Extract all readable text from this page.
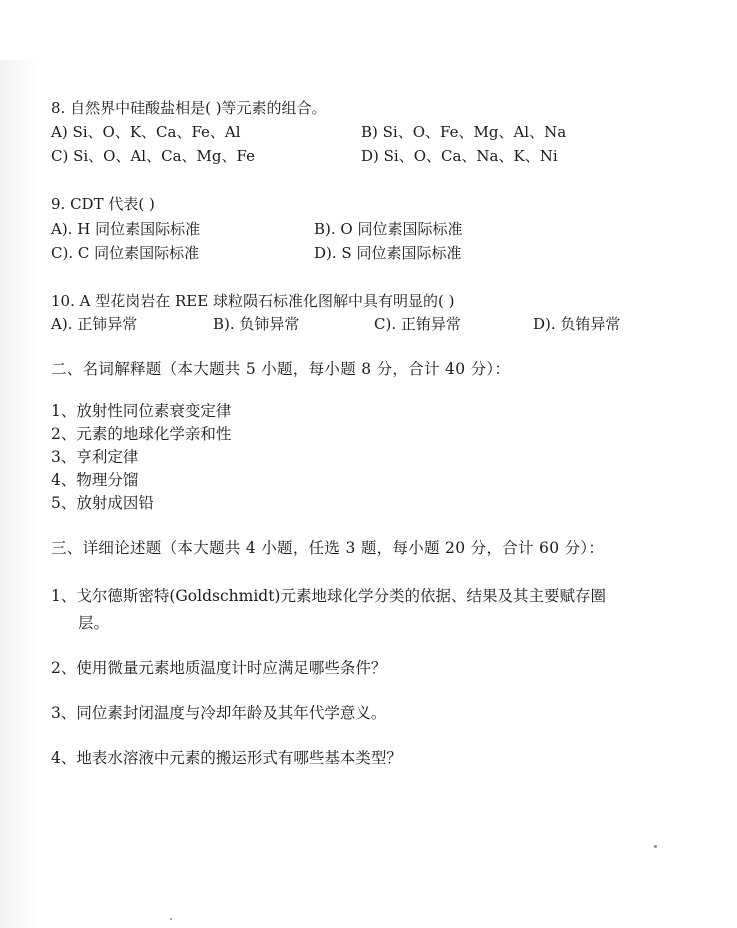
8. 自然界中硅酸盐相是( )等元素的组合。
A) Si、O、K、Ca、Fe、Al	B) Si、O、Fe、Mg、Al、Na
C) Si、O、Al、Ca、Mg、Fe	D) Si、O、Ca、Na、K、Ni
9. CDT 代表( )
A). H 同位素国际标准	B). O 同位素国际标准
C). C 同位素国际标准	D). S 同位素国际标准
10. A 型花岗岩在 REE 球粒陨石标准化图解中具有明显的( )
A). 正铈异常	B). 负铈异常	C). 正铕异常	D). 负铕异常
二、名词解释题（本大题共 5 小题，每小题 8 分，合计 40 分）：
1、放射性同位素衰变定律
2、元素的地球化学亲和性
3、亨利定律
4、物理分馏
5、放射成因铅
三、详细论述题（本大题共 4 小题，任选 3 题，每小题 20 分，合计 60 分）：
1、戈尔德斯密特(Goldschmidt)元素地球化学分类的依据、结果及其主要赋存圈
层。
2、使用微量元素地质温度计时应满足哪些条件？
3、同位素封闭温度与冷却年龄及其年代学意义。
4、地表水溶液中元素的搬运形式有哪些基本类型？
